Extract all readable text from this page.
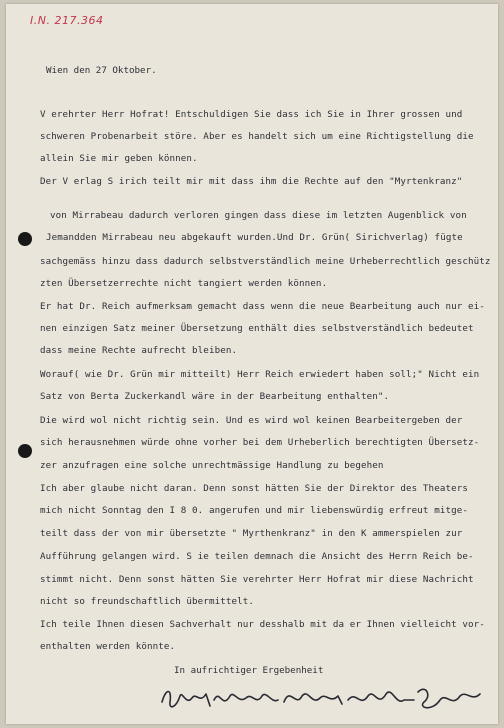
I.N. 217.364
Wien den 27 Oktober.
V erehrter Herr Hofrat! Entschuldigen Sie dass ich Sie in Ihrer grossen und
schweren Probenarbeit störe. Aber es handelt sich um eine Richtigstellung die
allein Sie mir geben können.
Der V erlag S irich teilt mir mit dass ihm die Rechte auf den "Myrtenkranz"
von Mirrabeau dadurch verloren gingen dass diese im letzten Augenblick von
Jemandden Mirrabeau neu abgekauft wurden.Und Dr. Grün( Sirichverlag) fügte
sachgemäss hinzu dass dadurch selbstverständlich meine Urheberrechtlich geschütz
zten Übersetzerrechte nicht tangiert werden können.
Er hat Dr. Reich aufmerksam gemacht dass wenn die neue Bearbeitung auch nur ei-
nen einzigen Satz meiner Übersetzung enthält dies selbstverständlich bedeutet
dass meine Rechte aufrecht bleiben.
Worauf( wie Dr. Grün mir mitteilt) Herr Reich erwiedert haben soll;" Nicht ein
Satz von Berta Zuckerkandl wäre in der Bearbeitung enthalten".
Die wird wol nicht richtig sein. Und es wird wol keinen Bearbeitergeben der
sich herausnehmen würde ohne vorher bei dem Urheberlich berechtigten Übersetz-
zer anzufragen eine solche unrechtmässige Handlung zu begehen
Ich aber glaube nicht daran. Denn sonst hätten Sie der Direktor des Theaters
mich nicht Sonntag den I 8 0. angerufen und mir liebenswürdig erfreut mitge-
teilt dass der von mir übersetzte " Myrthenkranz" in den K ammerspielen zur
Aufführung gelangen wird. S ie teilen demnach die Ansicht des Herrn Reich be-
stimmt nicht. Denn sonst hätten Sie verehrter Herr Hofrat mir diese Nachricht
nicht so freundschaftlich übermittelt.
Ich teile Ihnen diesen Sachverhalt nur desshalb mit da er Ihnen vielleicht vor-
enthalten werden könnte.
In aufrichtiger Ergebenheit
